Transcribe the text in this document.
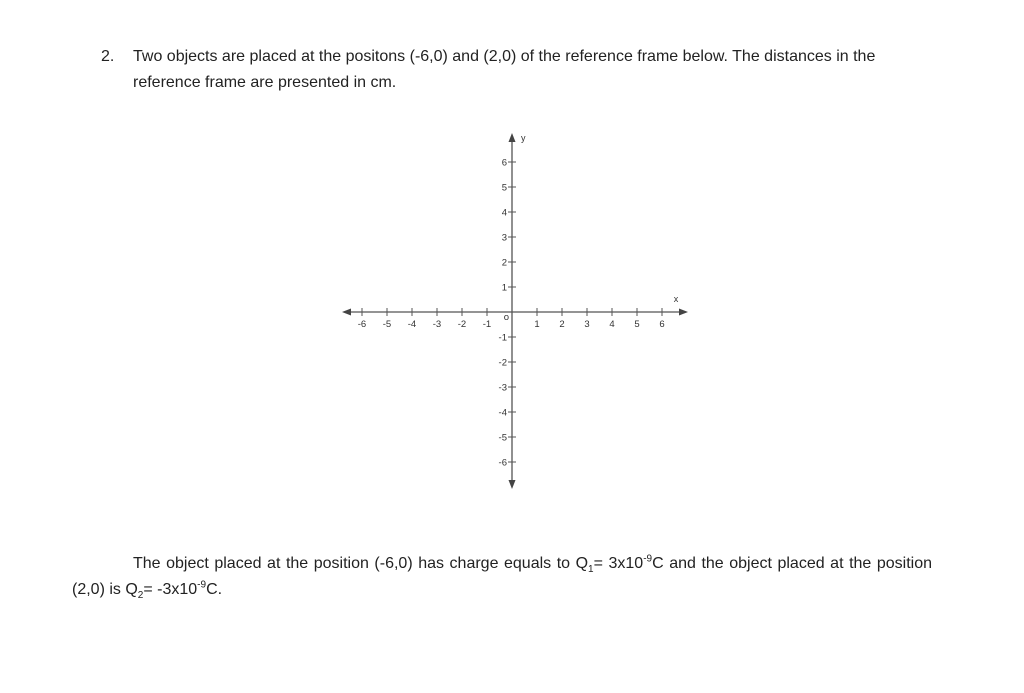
2. Two objects are placed at the positons (-6,0) and (2,0) of the reference frame below. The distances in the reference frame are presented in cm.
x
y
o
-6 -5 -4 -3 -2 -1	1 2 3 4 5 6
6
5
4
3
2
1
-1
-2
-3
-4
-5
-6
The object placed at the position (-6,0) has charge equals to $Q_1= 3x10^{-9}C$ and the object placed at the position (2,0) is $Q_2= -3x10^{-9}C$.
